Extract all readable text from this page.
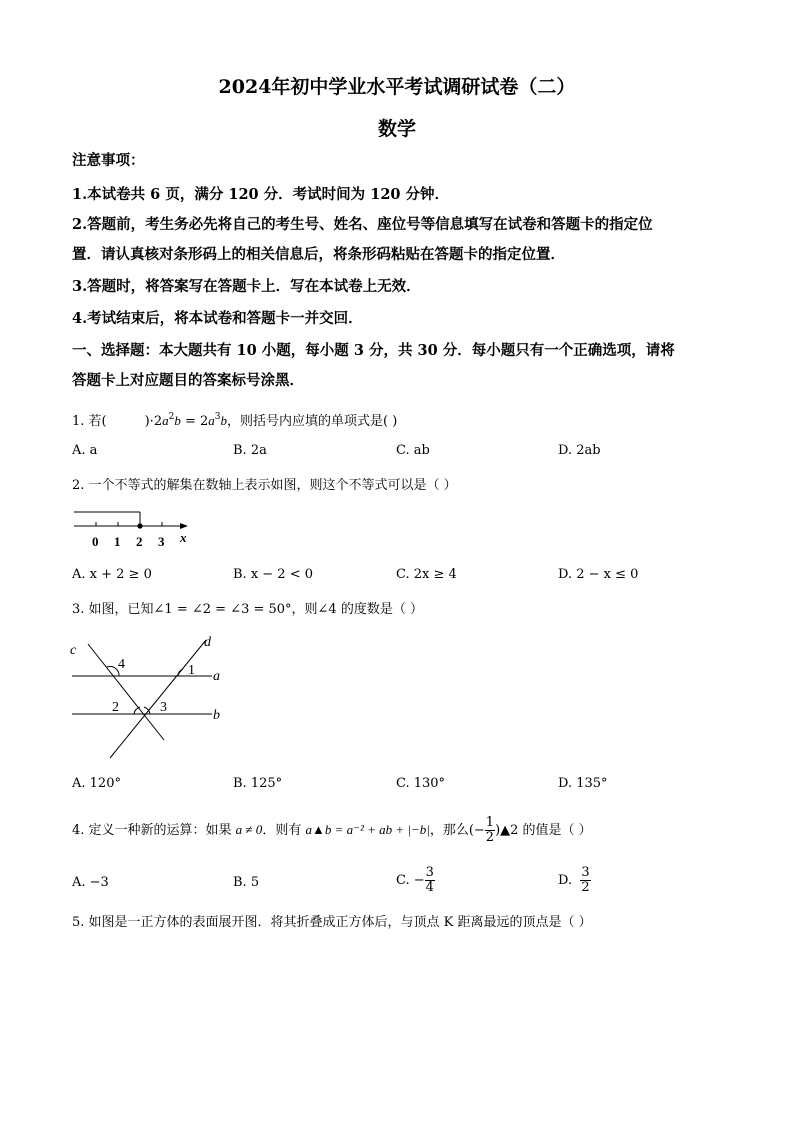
2024年初中学业水平考试调研试卷（二）
数学
注意事项：
1.本试卷共 6 页，满分 120 分．考试时间为 120 分钟．
2.答题前，考生务必先将自己的考生号、姓名、座位号等信息填写在试卷和答题卡的指定位
置．请认真核对条形码上的相关信息后，将条形码粘贴在答题卡的指定位置．
3.答题时，将答案写在答题卡上．写在本试卷上无效．
4.考试结束后，将本试卷和答题卡一并交回．
一、选择题：本大题共有 10 小题，每小题 3 分，共 30 分．每小题只有一个正确选项，请将
答题卡上对应题目的答案标号涂黑．
1. 若(	)$\cdot 2a^2b = 2a^3b$，则括号内应填的单项式是( )
A. a	B. 2a	C. ab	D. 2ab
2. 一个不等式的解集在数轴上表示如图，则这个不等式可以是（ ）
0 1 2 3 x
A. x + 2 ≥ 0	B. x − 2 < 0	C. 2x ≥ 4	D. 2 − x ≤ 0
3. 如图，已知∠1 = ∠2 = ∠3 = 50°，则∠4 的度数是（ ）
c
d
4	1 a
2	3
b
A. 120°	B. 125°	C. 130°	D. 135°
4. 定义一种新的运算：如果 a ≠ 0．则有 a▲b = a⁻² + ab + |−b|，那么(− $\frac{1}{2}$ )▲2 的值是（ ）
A. −3	B. 5	C. − $\frac{3}{4}$	D. $\frac{3}{2}$
5. 如图是一正方体的表面展开图．将其折叠成正方体后，与顶点 K 距离最远的顶点是（ ）
